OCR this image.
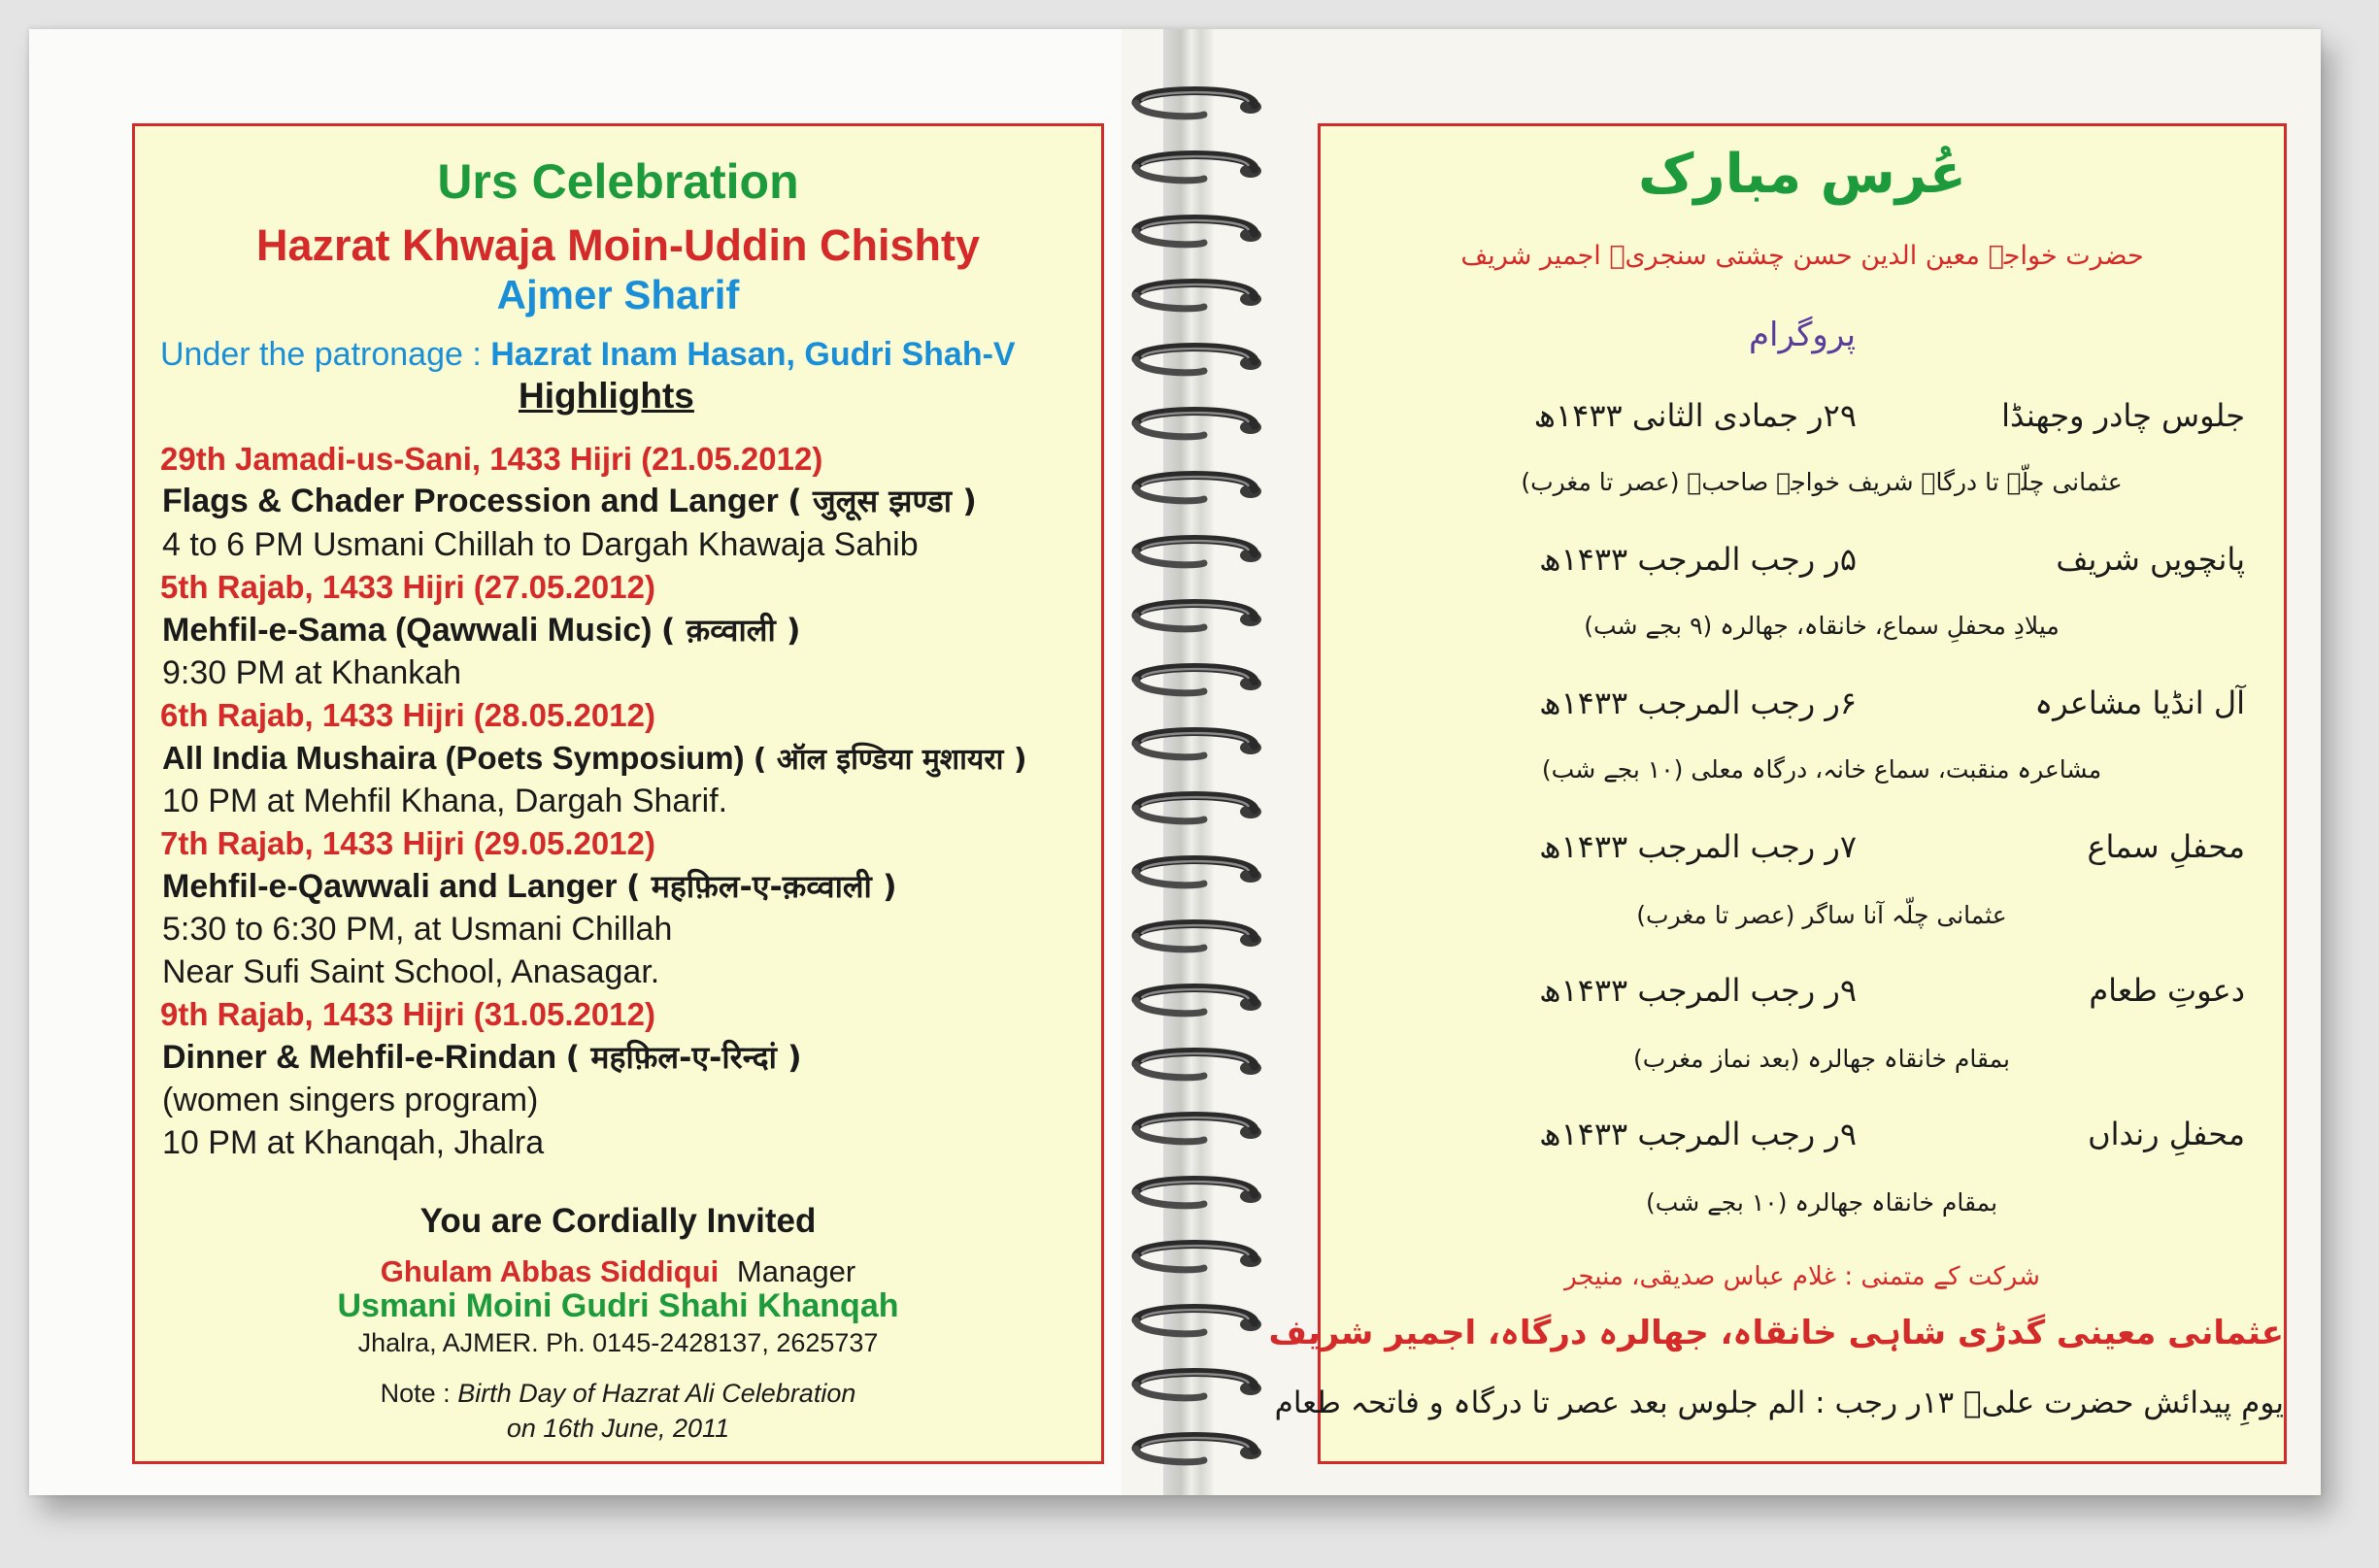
Urs Celebration
Hazrat Khwaja Moin-Uddin Chishty
Ajmer Sharif
Under the patronage : Hazrat Inam Hasan, Gudri Shah-V
Highlights
29th Jamadi-us-Sani, 1433 Hijri (21.05.2012)
Flags & Chader Procession and Langer ( जुलूस झण्डा )
4 to 6 PM Usmani Chillah to Dargah Khawaja Sahib
5th Rajab, 1433 Hijri (27.05.2012)
Mehfil-e-Sama (Qawwali Music) ( क़व्वाली )
9:30 PM at Khankah
6th Rajab, 1433 Hijri (28.05.2012)
All India Mushaira (Poets Symposium) ( ऑल इण्डिया मुशायरा )
10 PM at Mehfil Khana, Dargah Sharif.
7th Rajab, 1433 Hijri (29.05.2012)
Mehfil-e-Qawwali and Langer ( महफ़िल-ए-क़व्वाली )
5:30 to 6:30 PM, at Usmani Chillah
Near Sufi Saint School, Anasagar.
9th Rajab, 1433 Hijri (31.05.2012)
Dinner & Mehfil-e-Rindan ( महफ़िल-ए-रिन्दां )
(women singers program)
10 PM at Khanqah, Jhalra
You are Cordially Invited
Ghulam Abbas Siddiqui Manager
Usmani Moini Gudri Shahi Khanqah
Jhalra, AJMER. Ph. 0145-2428137, 2625737
Note : Birth Day of Hazrat Ali Celebration
on 16th June, 2011
عُرس مبارک
حضرت خواجہ معین الدین حسن چشتی سنجریؒ اجمیر شریف
پروگرام
جلوس چادر وجھنڈا
۲۹ر جمادی الثانی ۱۴۳۳ھ
عثمانی چلّہ تا درگاہ شریف خواجہ صاحبؒ (عصر تا مغرب)
پانچویں شریف
۵ر رجب المرجب ۱۴۳۳ھ
میلادِ محفلِ سماع، خانقاہ، جھالرہ (۹ بجے شب)
آل انڈیا مشاعرہ
۶ر رجب المرجب ۱۴۳۳ھ
مشاعرہ منقبت، سماع خانہ، درگاہ معلی (۱۰ بجے شب)
محفلِ سماع
۷ر رجب المرجب ۱۴۳۳ھ
عثمانی چلّہ آنا ساگر (عصر تا مغرب)
دعوتِ طعام
۹ر رجب المرجب ۱۴۳۳ھ
بمقام خانقاہ جھالرہ (بعد نماز مغرب)
محفلِ رنداں
۹ر رجب المرجب ۱۴۳۳ھ
بمقام خانقاہ جھالرہ (۱۰ بجے شب)
شرکت کے متمنی : غلام عباس صدیقی، منیجر
عثمانی معینی گدڑی شاہی خانقاہ، جھالرہ درگاہ، اجمیر شریف
یومِ پیدائش حضرت علیؓ ۱۳ر رجب : الم جلوس بعد عصر تا درگاہ و فاتحہ طعام
